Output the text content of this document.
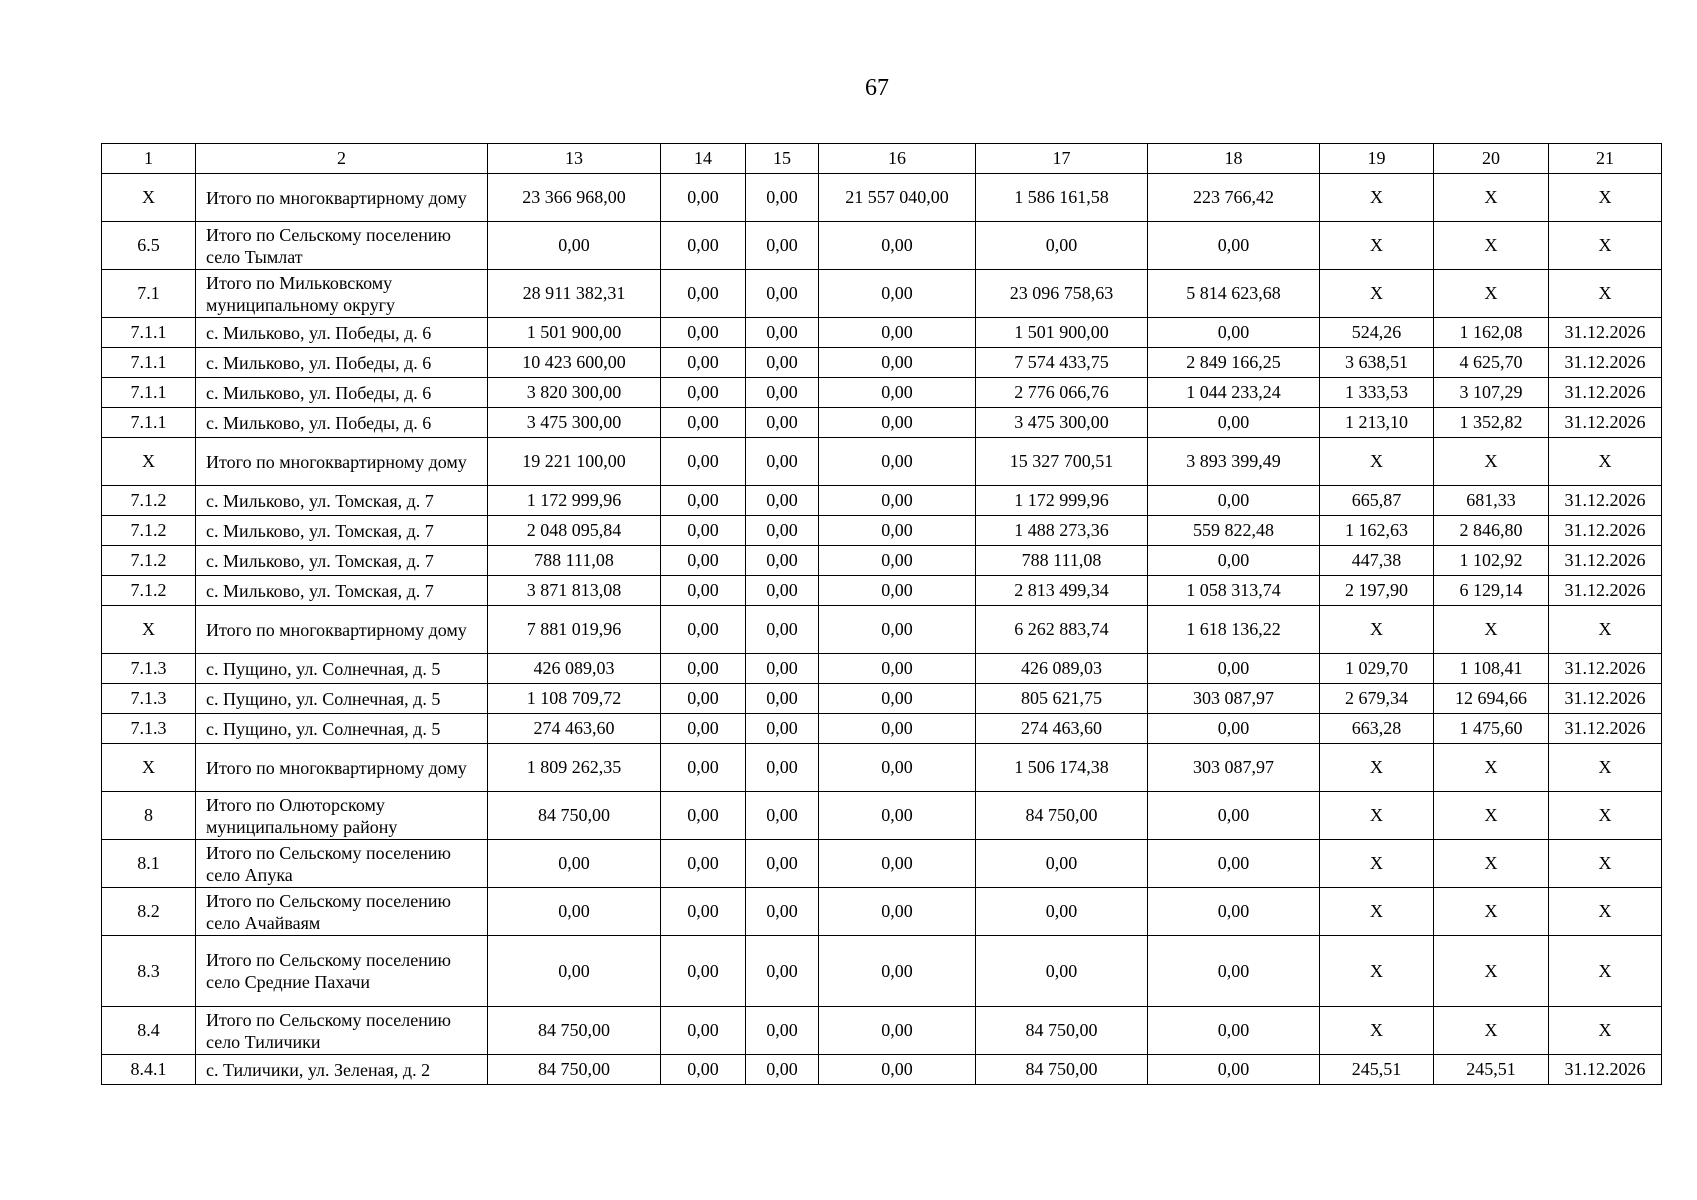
67
1	2	13	14	15	16	17	18	19	20	21
X	Итого по многоквартирному дому	23 366 968,00	0,00	0,00	21 557 040,00	1 586 161,58	223 766,42	X	X	X
6.5	Итого по Сельскому поселению село Тымлат	0,00	0,00	0,00	0,00	0,00	0,00	X	X	X
7.1	Итого по Мильковскому муниципальному округу	28 911 382,31	0,00	0,00	0,00	23 096 758,63	5 814 623,68	X	X	X
7.1.1	с. Мильково, ул. Победы, д. 6	1 501 900,00	0,00	0,00	0,00	1 501 900,00	0,00	524,26	1 162,08	31.12.2026
7.1.1	с. Мильково, ул. Победы, д. 6	10 423 600,00	0,00	0,00	0,00	7 574 433,75	2 849 166,25	3 638,51	4 625,70	31.12.2026
7.1.1	с. Мильково, ул. Победы, д. 6	3 820 300,00	0,00	0,00	0,00	2 776 066,76	1 044 233,24	1 333,53	3 107,29	31.12.2026
7.1.1	с. Мильково, ул. Победы, д. 6	3 475 300,00	0,00	0,00	0,00	3 475 300,00	0,00	1 213,10	1 352,82	31.12.2026
X	Итого по многоквартирному дому	19 221 100,00	0,00	0,00	0,00	15 327 700,51	3 893 399,49	X	X	X
7.1.2	с. Мильково, ул. Томская, д. 7	1 172 999,96	0,00	0,00	0,00	1 172 999,96	0,00	665,87	681,33	31.12.2026
7.1.2	с. Мильково, ул. Томская, д. 7	2 048 095,84	0,00	0,00	0,00	1 488 273,36	559 822,48	1 162,63	2 846,80	31.12.2026
7.1.2	с. Мильково, ул. Томская, д. 7	788 111,08	0,00	0,00	0,00	788 111,08	0,00	447,38	1 102,92	31.12.2026
7.1.2	с. Мильково, ул. Томская, д. 7	3 871 813,08	0,00	0,00	0,00	2 813 499,34	1 058 313,74	2 197,90	6 129,14	31.12.2026
X	Итого по многоквартирному дому	7 881 019,96	0,00	0,00	0,00	6 262 883,74	1 618 136,22	X	X	X
7.1.3	с. Пущино, ул. Солнечная, д. 5	426 089,03	0,00	0,00	0,00	426 089,03	0,00	1 029,70	1 108,41	31.12.2026
7.1.3	с. Пущино, ул. Солнечная, д. 5	1 108 709,72	0,00	0,00	0,00	805 621,75	303 087,97	2 679,34	12 694,66	31.12.2026
7.1.3	с. Пущино, ул. Солнечная, д. 5	274 463,60	0,00	0,00	0,00	274 463,60	0,00	663,28	1 475,60	31.12.2026
X	Итого по многоквартирному дому	1 809 262,35	0,00	0,00	0,00	1 506 174,38	303 087,97	X	X	X
8	Итого по Олюторскому муниципальному району	84 750,00	0,00	0,00	0,00	84 750,00	0,00	X	X	X
8.1	Итого по Сельскому поселению село Апука	0,00	0,00	0,00	0,00	0,00	0,00	X	X	X
8.2	Итого по Сельскому поселению село Ачайваям	0,00	0,00	0,00	0,00	0,00	0,00	X	X	X
8.3	Итого по Сельскому поселению село Средние Пахачи	0,00	0,00	0,00	0,00	0,00	0,00	X	X	X
8.4	Итого по Сельскому поселению село Тиличики	84 750,00	0,00	0,00	0,00	84 750,00	0,00	X	X	X
8.4.1	с. Тиличики, ул. Зеленая, д. 2	84 750,00	0,00	0,00	0,00	84 750,00	0,00	245,51	245,51	31.12.2026
